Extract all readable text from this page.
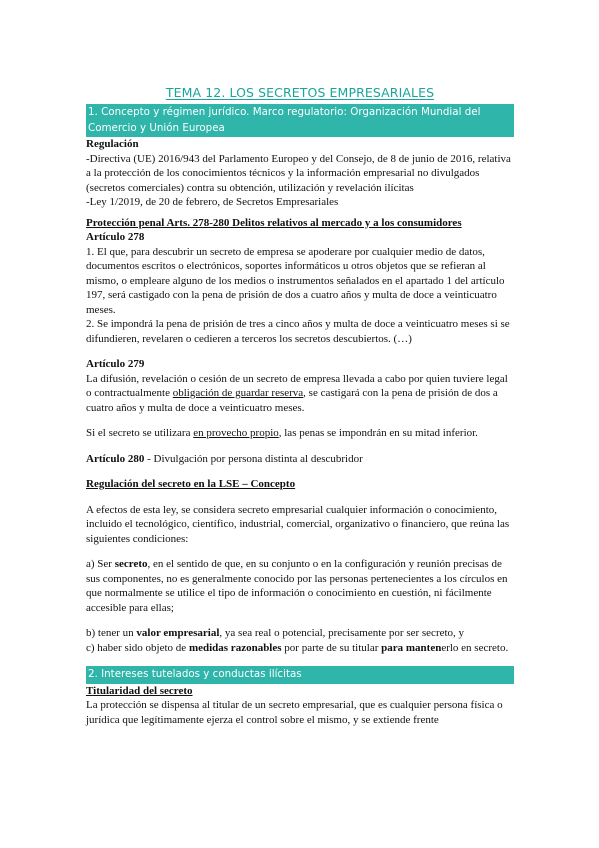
TEMA 12. LOS SECRETOS EMPRESARIALES

1. Concepto y régimen jurídico. Marco regulatorio: Organización Mundial del Comercio y Unión Europea

Regulación

-Directiva (UE) 2016/943 del Parlamento Europeo y del Consejo, de 8 de junio de 2016, relativa a la protección de los conocimientos técnicos y la información empresarial no divulgados (secretos comerciales) contra su obtención, utilización y revelación ilícitas

-Ley 1/2019, de 20 de febrero, de Secretos Empresariales

Protección penal Arts. 278-280 Delitos relativos al mercado y a los consumidores

Artículo 278

1. El que, para descubrir un secreto de empresa se apoderare por cualquier medio de datos, documentos escritos o electrónicos, soportes informáticos u otros objetos que se refieran al mismo, o empleare alguno de los medios o instrumentos señalados en el apartado 1 del artículo 197, será castigado con la pena de prisión de dos a cuatro años y multa de doce a veinticuatro meses.

2. Se impondrá la pena de prisión de tres a cinco años y multa de doce a veinticuatro meses si se difundieren, revelaren o cedieren a terceros los secretos descubiertos. (…)

Artículo 279

La difusión, revelación o cesión de un secreto de empresa llevada a cabo por quien tuviere legal o contractualmente obligación de guardar reserva, se castigará con la pena de prisión de dos a cuatro años y multa de doce a veinticuatro meses.

Si el secreto se utilizara en provecho propio, las penas se impondrán en su mitad inferior.

Artículo 280 - Divulgación por persona distinta al descubridor

Regulación del secreto en la LSE – Concepto

A efectos de esta ley, se considera secreto empresarial cualquier información o conocimiento, incluido el tecnológico, científico, industrial, comercial, organizativo o financiero, que reúna las siguientes condiciones:

a) Ser secreto, en el sentido de que, en su conjunto o en la configuración y reunión precisas de sus componentes, no es generalmente conocido por las personas pertenecientes a los círculos en que normalmente se utilice el tipo de información o conocimiento en cuestión, ni fácilmente accesible para ellas;

b) tener un valor empresarial, ya sea real o potencial, precisamente por ser secreto, y

c) haber sido objeto de medidas razonables por parte de su titular para mantenerlo en secreto.

2. Intereses tutelados y conductas ilícitas

Titularidad del secreto

La protección se dispensa al titular de un secreto empresarial, que es cualquier persona física o jurídica que legítimamente ejerza el control sobre el mismo, y se extiende frente
